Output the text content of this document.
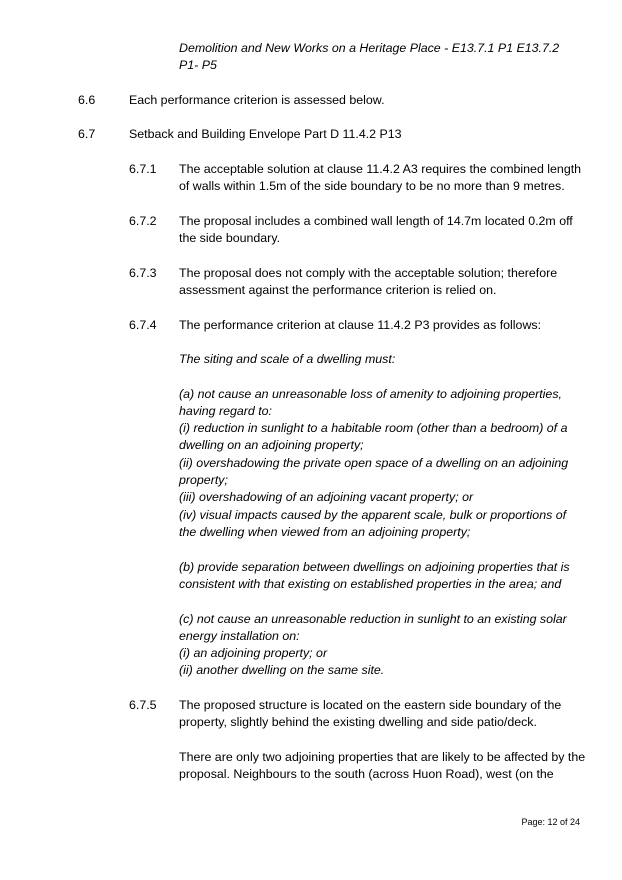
Demolition and New Works on a Heritage Place - E13.7.1 P1 E13.7.2

P1- P5

6.6	Each performance criterion is assessed below.

6.7	Setback and Building Envelope Part D 11.4.2 P13

6.7.1 The acceptable solution at clause 11.4.2 A3 requires the combined length

of walls within 1.5m of the side boundary to be no more than 9 metres.

6.7.2 The proposal includes a combined wall length of 14.7m located 0.2m off

the side boundary.

6.7.3 The proposal does not comply with the acceptable solution; therefore

assessment against the performance criterion is relied on.

6.7.4 The performance criterion at clause 11.4.2 P3 provides as follows:

The siting and scale of a dwelling must:

(a) not cause an unreasonable loss of amenity to adjoining properties,

having regard to:

(i) reduction in sunlight to a habitable room (other than a bedroom) of a

dwelling on an adjoining property;

(ii) overshadowing the private open space of a dwelling on an adjoining

property;

(iii) overshadowing of an adjoining vacant property; or

(iv) visual impacts caused by the apparent scale, bulk or proportions of

the dwelling when viewed from an adjoining property;

(b) provide separation between dwellings on adjoining properties that is

consistent with that existing on established properties in the area; and

(c) not cause an unreasonable reduction in sunlight to an existing solar

energy installation on:

(i) an adjoining property; or

(ii) another dwelling on the same site.

6.7.5 The proposed structure is located on the eastern side boundary of the

property, slightly behind the existing dwelling and side patio/deck.

There are only two adjoining properties that are likely to be affected by the

proposal. Neighbours to the south (across Huon Road), west (on the

Page: 12 of 24
